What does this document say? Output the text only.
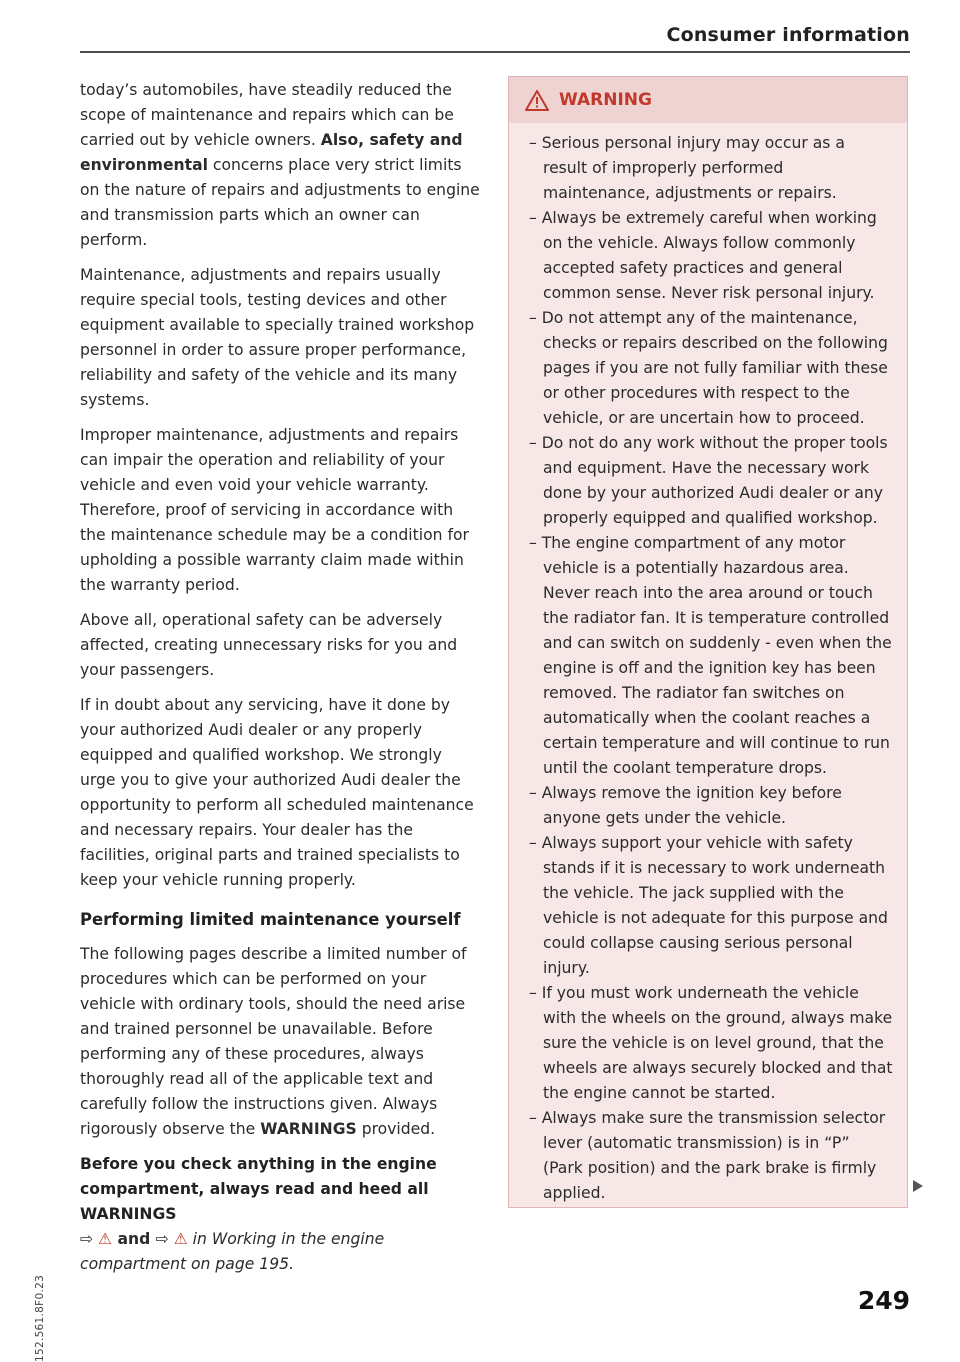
Consumer information

today’s automobiles, have steadily reduced the scope of maintenance and repairs which can be carried out by vehicle owners. Also, safety and environmental concerns place very strict limits on the nature of repairs and adjustments to engine and transmission parts which an owner can perform.

Maintenance, adjustments and repairs usually require special tools, testing devices and other equipment available to specially trained workshop personnel in order to assure proper performance, reliability and safety of the vehicle and its many systems.

Improper maintenance, adjustments and repairs can impair the operation and reliability of your vehicle and even void your vehicle warranty. Therefore, proof of servicing in accordance with the maintenance schedule may be a condition for upholding a possible warranty claim made within the warranty period.

Above all, operational safety can be adversely affected, creating unnecessary risks for you and your passengers.

If in doubt about any servicing, have it done by your authorized Audi dealer or any properly equipped and qualified workshop. We strongly urge you to give your authorized Audi dealer the opportunity to perform all scheduled maintenance and necessary repairs. Your dealer has the facilities, original parts and trained specialists to keep your vehicle running properly.

Performing limited maintenance yourself

The following pages describe a limited number of procedures which can be performed on your vehicle with ordinary tools, should the need arise and trained personnel be unavailable. Before performing any of these procedures, always thoroughly read all of the applicable text and carefully follow the instructions given. Always rigorously observe the WARNINGS provided.

Before you check anything in the engine compartment, always read and heed all WARNINGS

⇨ ⚠ and ⇨ ⚠ in Working in the engine compartment on page 195.

WARNING
– Serious personal injury may occur as a result of improperly performed maintenance, adjustments or repairs.
– Always be extremely careful when working on the vehicle. Always follow commonly accepted safety practices and general common sense. Never risk personal injury.
– Do not attempt any of the maintenance, checks or repairs described on the following pages if you are not fully familiar with these or other procedures with respect to the vehicle, or are uncertain how to proceed.
– Do not do any work without the proper tools and equipment. Have the necessary work done by your authorized Audi dealer or any properly equipped and qualified workshop.
– The engine compartment of any motor vehicle is a potentially hazardous area. Never reach into the area around or touch the radiator fan. It is temperature controlled and can switch on suddenly - even when the engine is off and the ignition key has been removed. The radiator fan switches on automatically when the coolant reaches a certain temperature and will continue to run until the coolant temperature drops.
– Always remove the ignition key before anyone gets under the vehicle.
– Always support your vehicle with safety stands if it is necessary to work underneath the vehicle. The jack supplied with the vehicle is not adequate for this purpose and could collapse causing serious personal injury.
– If you must work underneath the vehicle with the wheels on the ground, always make sure the vehicle is on level ground, that the wheels are always securely blocked and that the engine cannot be started.
– Always make sure the transmission selector lever (automatic transmission) is in “P” (Park position) and the park brake is firmly applied.
152.561.8F0.23	249
